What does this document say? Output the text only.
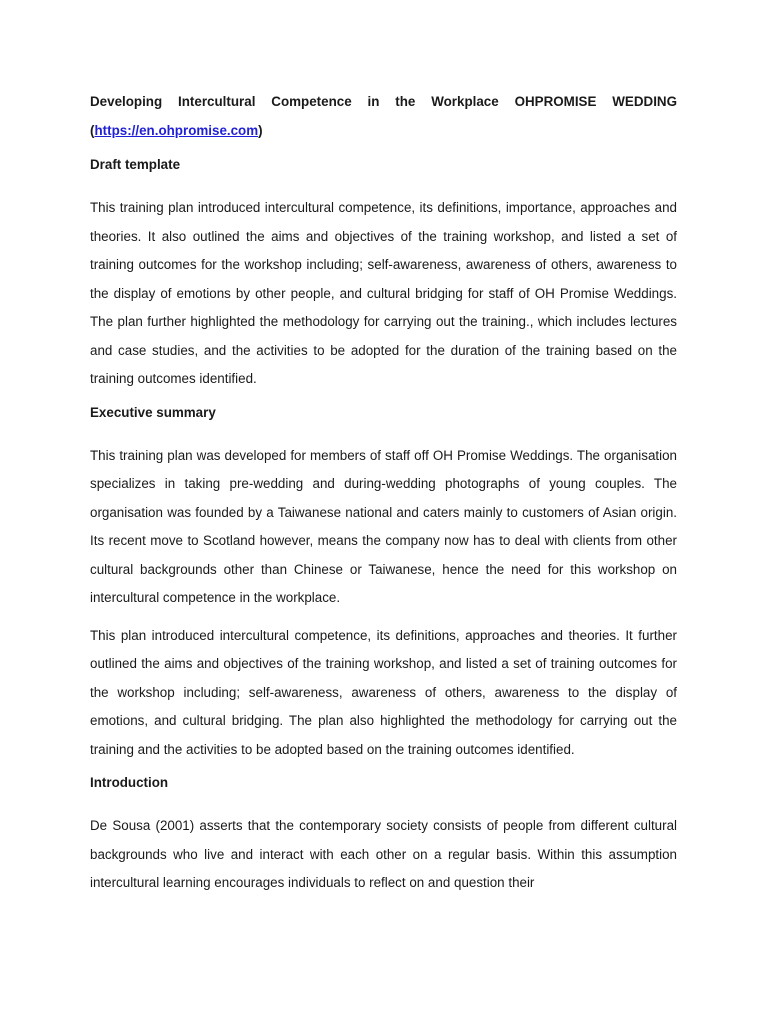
Developing Intercultural Competence in the Workplace OHPROMISE WEDDING

(https://en.ohpromise.com)

Draft template

This training plan introduced intercultural competence, its definitions, importance, approaches and theories. It also outlined the aims and objectives of the training workshop, and listed a set of training outcomes for the workshop including; self-awareness, awareness of others, awareness to the display of emotions by other people, and cultural bridging for staff of OH Promise Weddings. The plan further highlighted the methodology for carrying out the training., which includes lectures and case studies, and the activities to be adopted for the duration of the training based on the training outcomes identified.

Executive summary

This training plan was developed for members of staff off OH Promise Weddings. The organisation specializes in taking pre-wedding and during-wedding photographs of young couples. The organisation was founded by a Taiwanese national and caters mainly to customers of Asian origin. Its recent move to Scotland however, means the company now has to deal with clients from other cultural backgrounds other than Chinese or Taiwanese, hence the need for this workshop on intercultural competence in the workplace.

This plan introduced intercultural competence, its definitions, approaches and theories. It further outlined the aims and objectives of the training workshop, and listed a set of training outcomes for the workshop including; self-awareness, awareness of others, awareness to the display of emotions, and cultural bridging. The plan also highlighted the methodology for carrying out the training and the activities to be adopted based on the training outcomes identified.

Introduction

De Sousa (2001) asserts that the contemporary society consists of people from different cultural backgrounds who live and interact with each other on a regular basis. Within this assumption intercultural learning encourages individuals to reflect on and question their
